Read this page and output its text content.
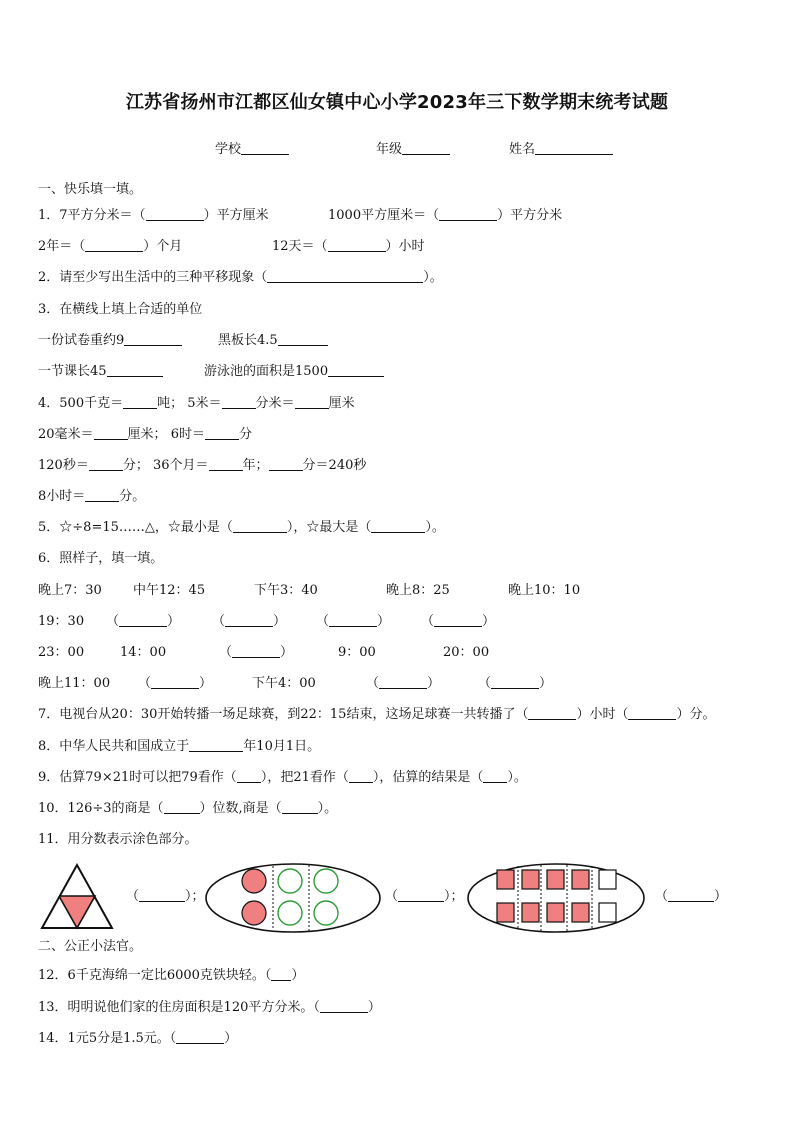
江苏省扬州市江都区仙女镇中心小学2023年三下数学期末统考试题
学校	年级	姓名
一、快乐填一填。
1．7平方分米＝（	）平方厘米	1000平方厘米＝（	）平方分米
2年＝（	）个月	12天＝（	）小时
2．请至少写出生活中的三种平移现象（	）。
3．在横线上填上合适的单位
一份试卷重约9	黑板长4.5
一节课长45	游泳池的面积是1500
4．500千克＝	吨； 5米＝	分米＝	厘米
20毫米＝	厘米； 6时＝	分
120秒＝	分； 36个月＝	年；	分＝240秒
8小时＝	分。
5．☆÷8=15……△，☆最小是（	），☆最大是（	）。
6．照样子，填一填。
晚上7：30 中午12：45	下午3：40	晚上8：25	晚上10：10
19：30 （	） （	） （	） （	）
23：00	14：00	（	）	9：00	20：00
晚上11：00 （	）	下午4：00	（	）	（	）
7．电视台从20：30开始转播一场足球赛，到22：15结束，这场足球赛一共转播了（	）小时（	）分。
8．中华人民共和国成立于	年10月1日。
9．估算79×21时可以把79看作（ ），把21看作（ ），估算的结果是（ ）。
10．126÷3的商是（	）位数,商是（	）。
11．用分数表示涂色部分。
（	）；	（	）；	（	）
二、公正小法官。
12．6千克海绵一定比6000克铁块轻。（ ）
13．明明说他们家的住房面积是120平方分米。（	）
14．1元5分是1.5元。（	）
